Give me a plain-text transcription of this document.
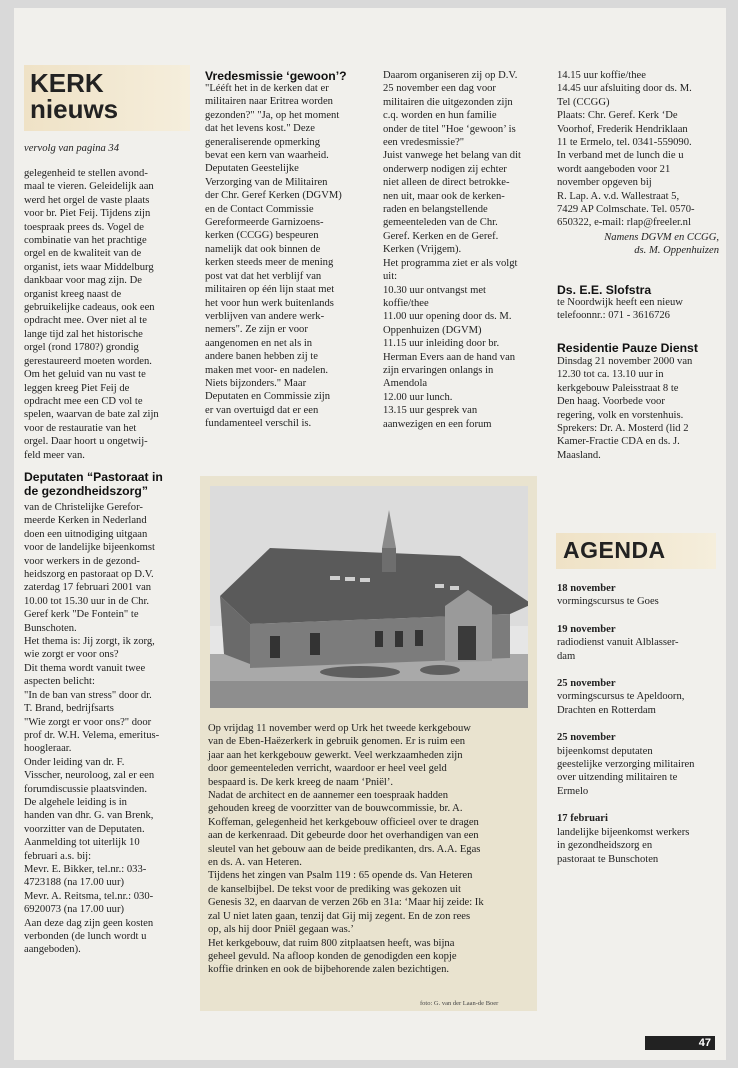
KERK
nieuws
vervolg van pagina 34
gelegenheid te stellen avond-
maal te vieren. Geleidelijk aan
werd het orgel de vaste plaats
voor br. Piet Feij. Tijdens zijn
toespraak prees ds. Vogel de
combinatie van het prachtige
orgel en de kwaliteit van de
organist, iets waar Middelburg
dankbaar voor mag zijn. De
organist kreeg naast de
gebruikelijke cadeaus, ook een
opdracht mee. Over niet al te
lange tijd zal het historische
orgel (rond 1780?) grondig
gerestaureerd moeten worden.
Om het geluid van nu vast te
leggen kreeg Piet Feij de
opdracht mee een CD vol te
spelen, waarvan de bate zal zijn
voor de restauratie van het
orgel. Daar hoort u ongetwij-
feld meer van.
Deputaten “Pastoraat in
de gezondheidszorg”
van de Christelijke Gerefor-
meerde Kerken in Nederland
doen een uitnodiging uitgaan
voor de landelijke bijeenkomst
voor werkers in de gezond-
heidszorg en pastoraat op D.V.
zaterdag 17 februari 2001 van
10.00 tot 15.30 uur in de Chr.
Geref kerk "De Fontein" te
Bunschoten.
Het thema is: Jij zorgt, ik zorg,
wie zorgt er voor ons?
Dit thema wordt vanuit twee
aspecten belicht:
"In de ban van stress" door dr.
T. Brand, bedrijfsarts
"Wie zorgt er voor ons?" door
prof dr. W.H. Velema, emeritus-
hoogleraar.
Onder leiding van dr. F.
Visscher, neuroloog, zal er een
forumdiscussie plaatsvinden.
De algehele leiding is in
handen van dhr. G. van Brenk,
voorzitter van de Deputaten.
Aanmelding tot uiterlijk 10
februari a.s. bij:
Mevr. E. Bikker, tel.nr.: 033-
4723188 (na 17.00 uur)
Mevr. A. Reitsma, tel.nr.: 030-
6920073 (na 17.00 uur)
Aan deze dag zijn geen kosten
verbonden (de lunch wordt u
aangeboden).
Vredesmissie ‘gewoon’?
"Lééft het in de kerken dat er
militairen naar Eritrea worden
gezonden?" "Ja, op het moment
dat het levens kost." Deze
generaliserende opmerking
bevat een kern van waarheid.
Deputaten Geestelijke
Verzorging van de Militairen
der Chr. Geref Kerken (DGVM)
en de Contact Commissie
Gereformeerde Garnizoens-
kerken (CCGG) bespeuren
namelijk dat ook binnen de
kerken steeds meer de mening
post vat dat het verblijf van
militairen op één lijn staat met
het voor hun werk buitenlands
verblijven van andere werk-
nemers". Ze zijn er voor
aangenomen en net als in
andere banen hebben zij te
maken met voor- en nadelen.
Niets bijzonders." Maar
Deputaten en Commissie zijn
er van overtuigd dat er een
fundamenteel verschil is.
Daarom organiseren zij op D.V.
25 november een dag voor
militairen die uitgezonden zijn
c.q. worden en hun familie
onder de titel "Hoe ‘gewoon’ is
een vredesmissie?"
Juist vanwege het belang van dit
onderwerp nodigen zij echter
niet alleen de direct betrokke-
nen uit, maar ook de kerken-
raden en belangstellende
gemeenteleden van de Chr.
Geref. Kerken en de Geref.
Kerken (Vrijgem).
Het programma ziet er als volgt
uit:
10.30 uur ontvangst met
koffie/thee
11.00 uur opening door ds. M.
Oppenhuizen (DGVM)
11.15 uur inleiding door br.
Herman Evers aan de hand van
zijn ervaringen onlangs in
Amendola
12.00 uur lunch.
13.15 uur gesprek van
aanwezigen en een forum
14.15 uur koffie/thee
14.45 uur afsluiting door ds. M.
Tel (CCGG)
Plaats: Chr. Geref. Kerk ‘De
Voorhof, Frederik Hendriklaan
11 te Ermelo, tel. 0341-559090.
In verband met de lunch die u
wordt aangeboden voor 21
november opgeven bij
R. Lap. A. v.d. Wallestraat 5,
7429 AP Colmschate. Tel. 0570-
650322, e-mail: rlap@freeler.nl
Namens DGVM en CCGG,
ds. M. Oppenhuizen
Ds. E.E. Slofstra
te Noordwijk heeft een nieuw
telefoonnr.: 071 - 3616726
Residentie Pauze Dienst
Dinsdag 21 november 2000 van
12.30 tot ca. 13.10 uur in
kerkgebouw Paleisstraat 8 te
Den haag. Voorbede voor
regering, volk en vorstenhuis.
Sprekers: Dr. A. Mosterd (lid 2
Kamer-Fractie CDA en ds. J.
Maasland.
AGENDA
18 november
vormingscursus te Goes
19 november
radiodienst vanuit Alblasser-
dam
25 november
vormingscursus te Apeldoorn,
Drachten en Rotterdam
25 november
bijeenkomst deputaten
geestelijke verzorging militairen
over uitzending militairen te
Ermelo
17 februari
landelijke bijeenkomst werkers
in gezondheidszorg en
pastoraat te Bunschoten
Op vrijdag 11 november werd op Urk het tweede kerkgebouw
van de Eben-Haëzerkerk in gebruik genomen. Er is ruim een
jaar aan het kerkgebouw gewerkt. Veel werkzaamheden zijn
door gemeenteleden verricht, waardoor er heel veel geld
bespaard is. De kerk kreeg de naam ‘Pniël’.
Nadat de architect en de aannemer een toespraak hadden
gehouden kreeg de voorzitter van de bouwcommissie, br. A.
Koffeman, gelegenheid het kerkgebouw officieel over te dragen
aan de kerkenraad. Dit gebeurde door het overhandigen van een
sleutel van het gebouw aan de beide predikanten, drs. A.A. Egas
en ds. A. van Heteren.
Tijdens het zingen van Psalm 119 : 65 opende ds. Van Heteren
de kanselbijbel. De tekst voor de prediking was gekozen uit
Genesis 32, en daarvan de verzen 26b en 31a: ‘Maar hij zeide: Ik
zal U niet laten gaan, tenzij dat Gij mij zegent. En de zon rees
op, als hij door Pniël gegaan was.’
Het kerkgebouw, dat ruim 800 zitplaatsen heeft, was bijna
geheel gevuld. Na afloop konden de genodigden een kopje
koffie drinken en ook de bijbehorende zalen bezichtigen.
foto: G. van der Laan-de Boer
47
